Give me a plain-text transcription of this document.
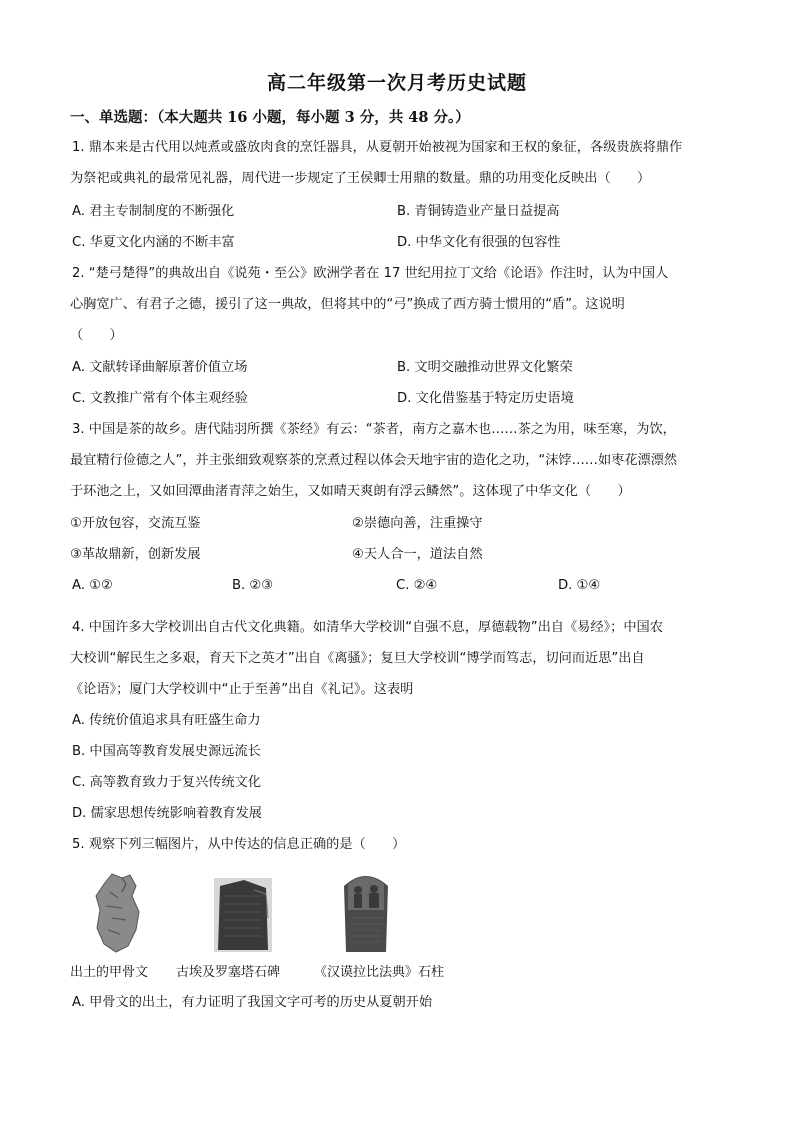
高二年级第一次月考历史试题
一、单选题：（本大题共 16 小题，每小题 3 分，共 48 分。）
1. 鼎本来是古代用以炖煮或盛放肉食的烹饪器具，从夏朝开始被视为国家和王权的象征，各级贵族将鼎作
为祭祀或典礼的最常见礼器，周代进一步规定了王侯卿士用鼎的数量。鼎的功用变化反映出（　　）
A. 君主专制制度的不断强化	B. 青铜铸造业产量日益提高
C. 华夏文化内涵的不断丰富	D. 中华文化有很强的包容性
2. “楚弓楚得”的典故出自《说苑・至公》欧洲学者在 17 世纪用拉丁文给《论语》作注时，认为中国人
心胸宽广、有君子之德，援引了这一典故，但将其中的“弓”换成了西方骑士惯用的“盾”。这说明
（　　）
A. 文献转译曲解原著价值立场	B. 文明交融推动世界文化繁荣
C. 文教推广常有个体主观经验	D. 文化借鉴基于特定历史语境
3. 中国是茶的故乡。唐代陆羽所撰《茶经》有云：“茶者，南方之嘉木也……茶之为用，味至寒，为饮，
最宜精行俭德之人”，并主张细致观察茶的烹煮过程以体会天地宇宙的造化之功，“沫饽……如枣花漂漂然
于环池之上，又如回潭曲渚青萍之始生，又如晴天爽朗有浮云鳞然”。这体现了中华文化（　　）
①开放包容，交流互鉴	②崇德向善，注重操守
③革故鼎新，创新发展	④天人合一，道法自然
A. ①②	B. ②③	C. ②④	D. ①④
4. 中国许多大学校训出自古代文化典籍。如清华大学校训“自强不息，厚德载物”出自《易经》；中国农
大校训“解民生之多艰，育天下之英才”出自《离骚》；复旦大学校训“博学而笃志，切问而近思”出自
《论语》；厦门大学校训中“止于至善”出自《礼记》。这表明
A. 传统价值追求具有旺盛生命力
B. 中国高等教育发展史源远流长
C. 高等教育致力于复兴传统文化
D. 儒家思想传统影响着教育发展
5. 观察下列三幅图片，从中传达的信息正确的是（　　）
出土的甲骨文 古埃及罗塞塔石碑	《汉谟拉比法典》石柱
A. 甲骨文的出土，有力证明了我国文字可考的历史从夏朝开始
